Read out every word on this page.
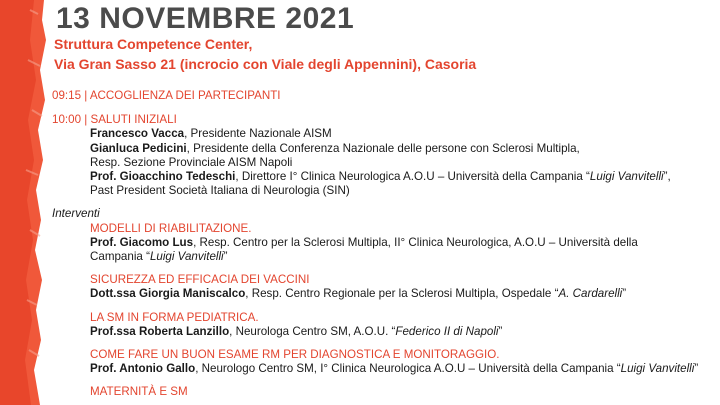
13 NOVEMBRE 2021
Struttura Competence Center,
Via Gran Sasso 21 (incrocio con Viale degli Appennini), Casoria

09:15 | ACCOGLIENZA DEI PARTECIPANTI

10:00 | SALUTI INIZIALI

Francesco Vacca, Presidente Nazionale AISM

Gianluca Pedicini, Presidente della Conferenza Nazionale delle persone con Sclerosi Multipla,

Resp. Sezione Provinciale AISM Napoli

Prof. Gioacchino Tedeschi, Direttore I° Clinica Neurologica A.O.U – Università della Campania “Luigi Vanvitelli”,

Past President Società Italiana di Neurologia (SIN)

Interventi

MODELLI DI RIABILITAZIONE.

Prof. Giacomo Lus, Resp. Centro per la Sclerosi Multipla, II° Clinica Neurologica, A.O.U – Università della

Campania “Luigi Vanvitelli”

SICUREZZA ED EFFICACIA DEI VACCINI

Dott.ssa Giorgia Maniscalco, Resp. Centro Regionale per la Sclerosi Multipla, Ospedale “A. Cardarelli”

LA SM IN FORMA PEDIATRICA.

Prof.ssa Roberta Lanzillo, Neurologa Centro SM, A.O.U. “Federico II di Napoli”

COME FARE UN BUON ESAME RM PER DIAGNOSTICA E MONITORAGGIO.

Prof. Antonio Gallo, Neurologo Centro SM, I° Clinica Neurologica A.O.U – Università della Campania “Luigi Vanvitelli”

MATERNITÀ E SM
